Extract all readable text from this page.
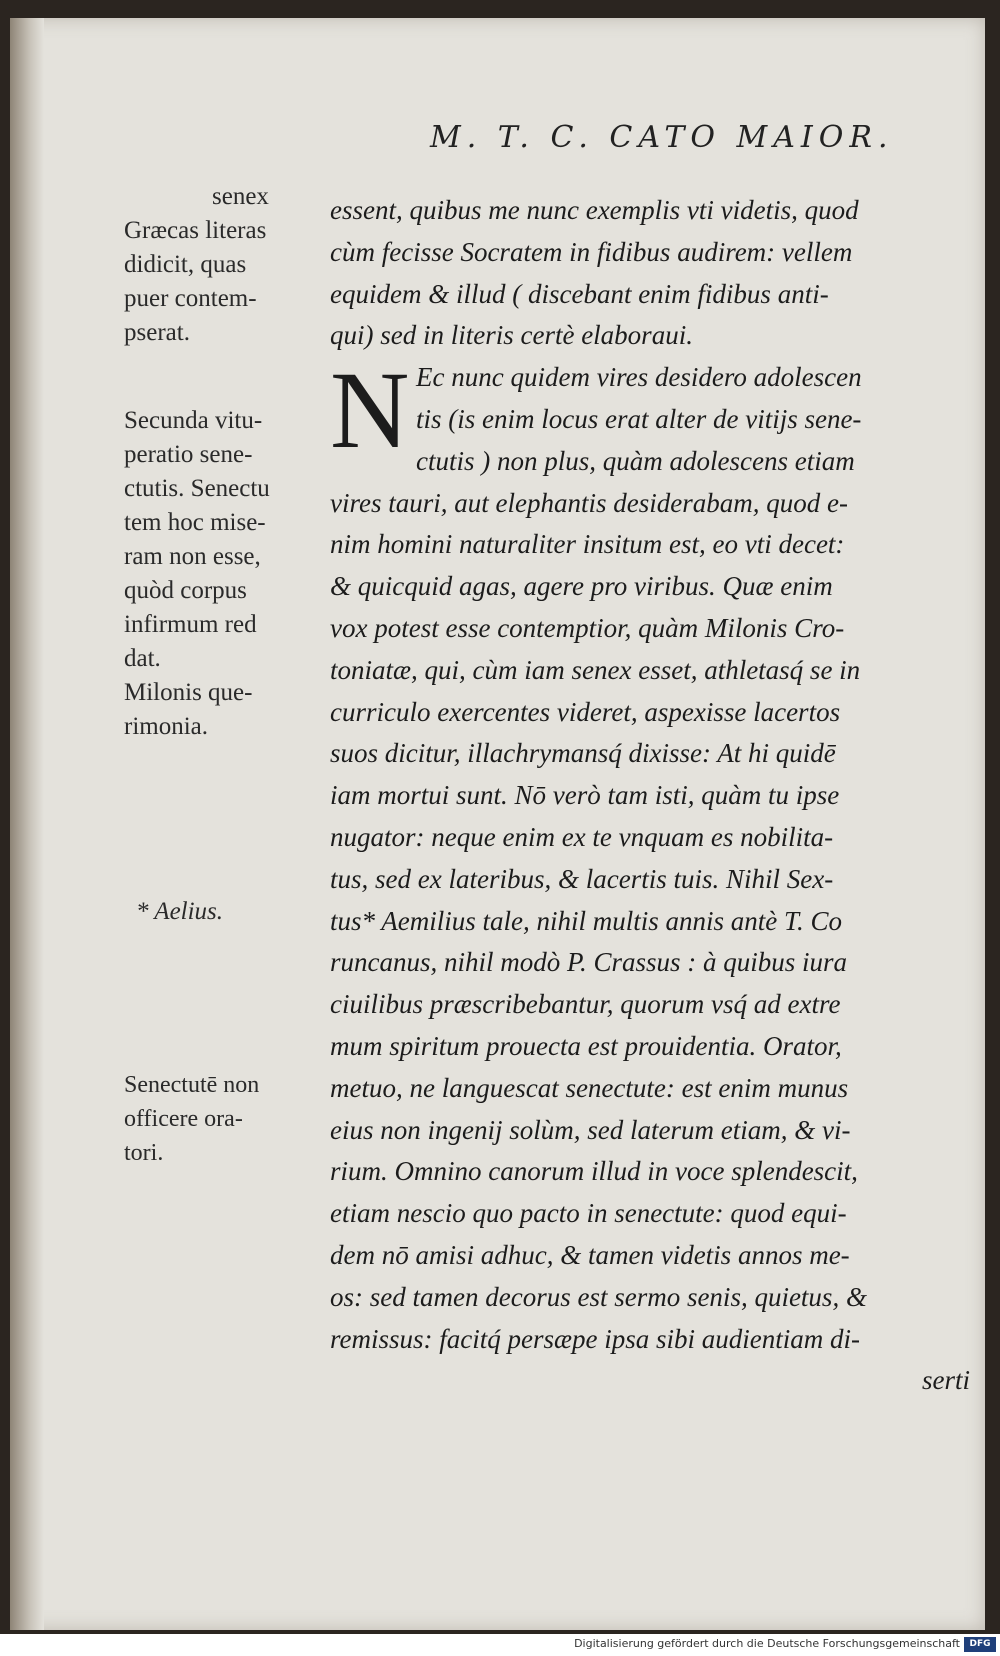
M. T. C. CATO MAIOR.
senex
Græcas literas
didicit, quas
puer contem-
pserat.
Secunda vitu-
peratio sene-
ctutis. Senectu
tem hoc mise-
ram non esse,
quòd corpus
infirmum red
dat.
Milonis que-
rimonia.
* Aelius.
Senectutē non
officere ora-
tori.
N
essent, quibus me nunc exemplis vti videtis, quod
cùm fecisse Socratem in fidibus audirem: vellem
equidem & illud ( discebant enim fidibus anti-
qui) sed in literis certè elaboraui.
Ec nunc quidem vires desidero adolescen
tis (is enim locus erat alter de vitijs sene-
ctutis ) non plus, quàm adolescens etiam
vires tauri, aut elephantis desiderabam, quod e-
nim homini naturaliter insitum est, eo vti decet:
& quicquid agas, agere pro viribus. Quæ enim
vox potest esse contemptior, quàm Milonis Cro-
toniatæ, qui, cùm iam senex esset, athletasq́ se in
curriculo exercentes videret, aspexisse lacertos
suos dicitur, illachrymansq́ dixisse: At hi quidē
iam mortui sunt. Nō verò tam isti, quàm tu ipse
nugator: neque enim ex te vnquam es nobilita-
tus, sed ex lateribus, & lacertis tuis. Nihil Sex-
tus* Aemilius tale, nihil multis annis antè T. Co
runcanus, nihil modò P. Crassus : à quibus iura
ciuilibus præscribebantur, quorum vsq́ ad extre
mum spiritum prouecta est prouidentia. Orator,
metuo, ne languescat senectute: est enim munus
eius non ingenij solùm, sed laterum etiam, & vi-
rium. Omnino canorum illud in voce splendescit,
etiam nescio quo pacto in senectute: quod equi-
dem nō amisi adhuc, & tamen videtis annos me-
os: sed tamen decorus est sermo senis, quietus, &
remissus: facitq́ persæpe ipsa sibi audientiam di-
serti
Digitalisierung gefördert durch die Deutsche Forschungsgemeinschaft	DFG
